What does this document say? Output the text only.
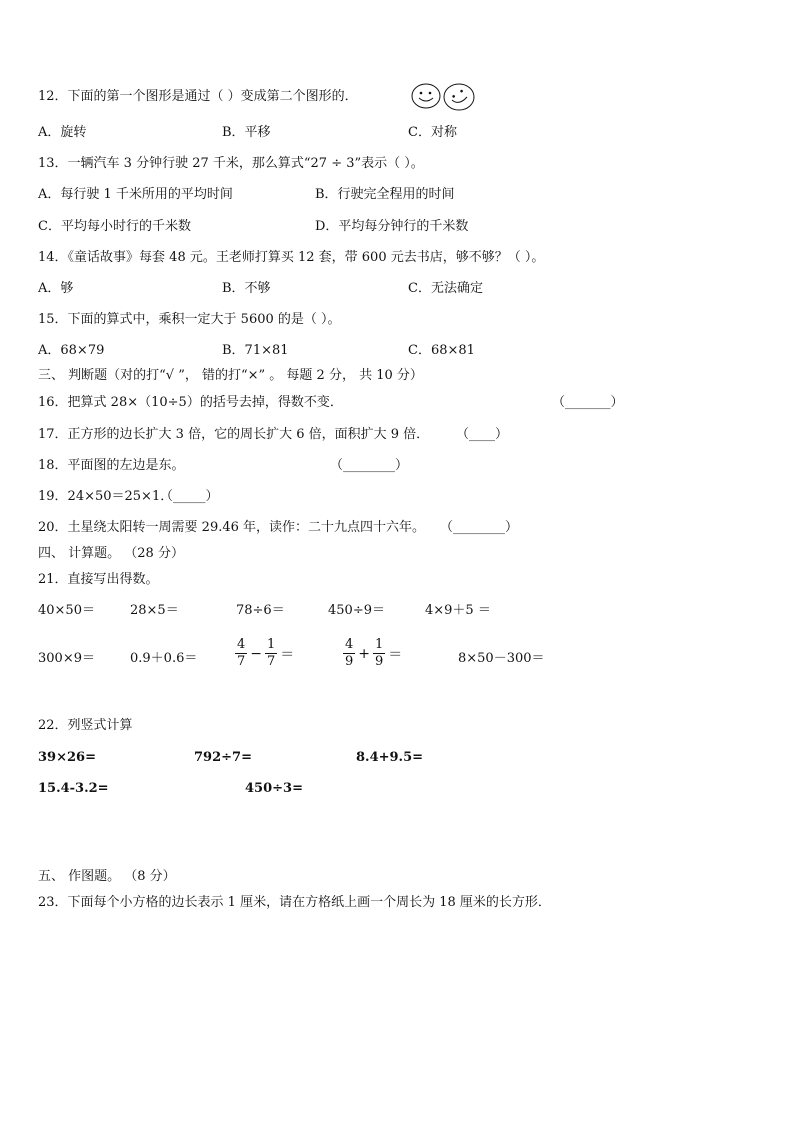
12．下面的第一个图形是通过（ ）变成第二个图形的．
A．旋转	B．平移	C．对称
13．一辆汽车 3 分钟行驶 27 千米，那么算式“27 ÷ 3”表示（ ）。
A．每行驶 1 千米所用的平均时间	B．行驶完全程用的时间
C．平均每小时行的千米数	D．平均每分钟行的千米数
14．《童话故事》每套 48 元。王老师打算买 12 套，带 600 元去书店，够不够？（ ）。
A．够	B．不够	C．无法确定
15．下面的算式中，乘积一定大于 5600 的是（ ）。
A．68×79	B．71×81	C．68×81
三、 判断题（对的打“√ ”， 错的打“×” 。 每题 2 分， 共 10 分）
16．把算式 28×（10÷5）的括号去掉，得数不变．	（_______）
17．正方形的边长扩大 3 倍，它的周长扩大 6 倍，面积扩大 9 倍． （____）
18．平面图的左边是东。	（________）
19．24×50＝25×1．
（_____）
20．土星绕太阳转一周需要 29.46 年，读作：二十九点四十六年。 （________）
四、 计算题。 （28 分）
21．直接写出得数。
40×50＝	28×5＝	78÷6＝	450÷9＝	4×9＋5 ＝
300×9＝	0.9＋0.6＝	$\frac{4}{7} - \frac{1}{7}$ ＝	$\frac{4}{9} + \frac{1}{9}$ ＝	8×50－300＝
22．列竖式计算
39×26=	792÷7=	8.4+9.5=
15.4-3.2=	450÷3=
五、 作图题。 （8 分）
23．下面每个小方格的边长表示 1 厘米，请在方格纸上画一个周长为 18 厘米的长方形．
